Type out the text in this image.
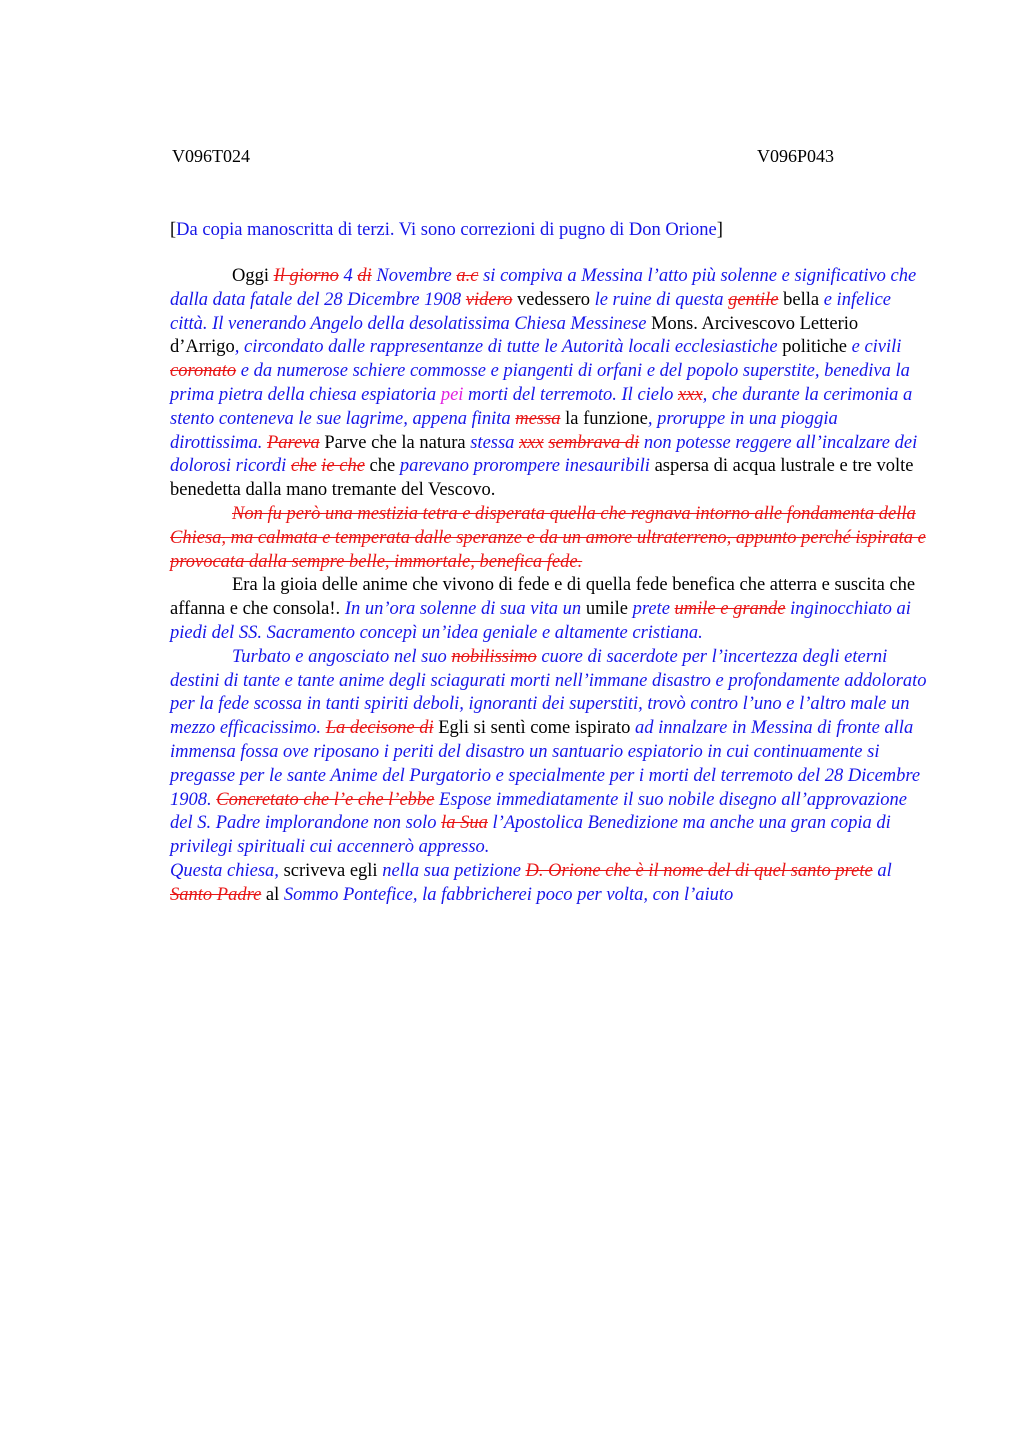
V096T024	V096P043
[Da copia manoscritta di terzi. Vi sono correzioni di pugno di Don Orione]

Oggi Il giorno 4 di Novembre a.c si compiva a Messina l’atto più solenne e significativo che dalla data fatale del 28 Dicembre 1908 videro vedessero le ruine di questa gentile bella e infelice città. Il venerando Angelo della desolatissima Chiesa Messinese Mons. Arcivescovo Letterio d’Arrigo, circondato dalle rappresentanze di tutte le Autorità locali ecclesiastiche politiche e civili coronato e da numerose schiere commosse e piangenti di orfani e del popolo superstite, benediva la prima pietra della chiesa espiatoria pei morti del terremoto. Il cielo xxx, che durante la cerimonia a stento conteneva le sue lagrime, appena finita messa la funzione, proruppe in una pioggia dirottissima. Pareva Parve che la natura stessa xxx sembrava di non potesse reggere all’incalzare dei dolorosi ricordi che ie che che parevano prorompere inesauribili aspersa di acqua lustrale e tre volte benedetta dalla mano tremante del Vescovo.

Non fu però una mestizia tetra e disperata quella che regnava intorno alle fondamenta della Chiesa, ma calmata e temperata dalle speranze e da un amore ultraterreno, appunto perché ispirata e provocata dalla sempre belle, immortale, benefica fede.

Era la gioia delle anime che vivono di fede e di quella fede benefica che atterra e suscita che affanna e che consola!. In un’ora solenne di sua vita un umile prete umile e grande inginocchiato ai piedi del SS. Sacramento concepì un’idea geniale e altamente cristiana.

Turbato e angosciato nel suo nobilissimo cuore di sacerdote per l’incertezza degli eterni destini di tante e tante anime degli sciagurati morti nell’immane disastro e profondamente addolorato per la fede scossa in tanti spiriti deboli, ignoranti dei superstiti, trovò contro l’uno e l’altro male un mezzo efficacissimo. La decisone di Egli si sentì come ispirato ad innalzare in Messina di fronte alla immensa fossa ove riposano i periti del disastro un santuario espiatorio in cui continuamente si pregasse per le sante Anime del Purgatorio e specialmente per i morti del terremoto del 28 Dicembre 1908. Concretato che l’e che l’ebbe Espose immediatamente il suo nobile disegno all’approvazione del S. Padre implorandone non solo la Sua l’Apostolica Benedizione ma anche una gran copia di privilegi spirituali cui accennerò appresso.

Questa chiesa, scriveva egli nella sua petizione D. Orione che è il nome del di quel santo prete al Santo Padre al Sommo Pontefice, la fabbricherei poco per volta, con l’aiuto
